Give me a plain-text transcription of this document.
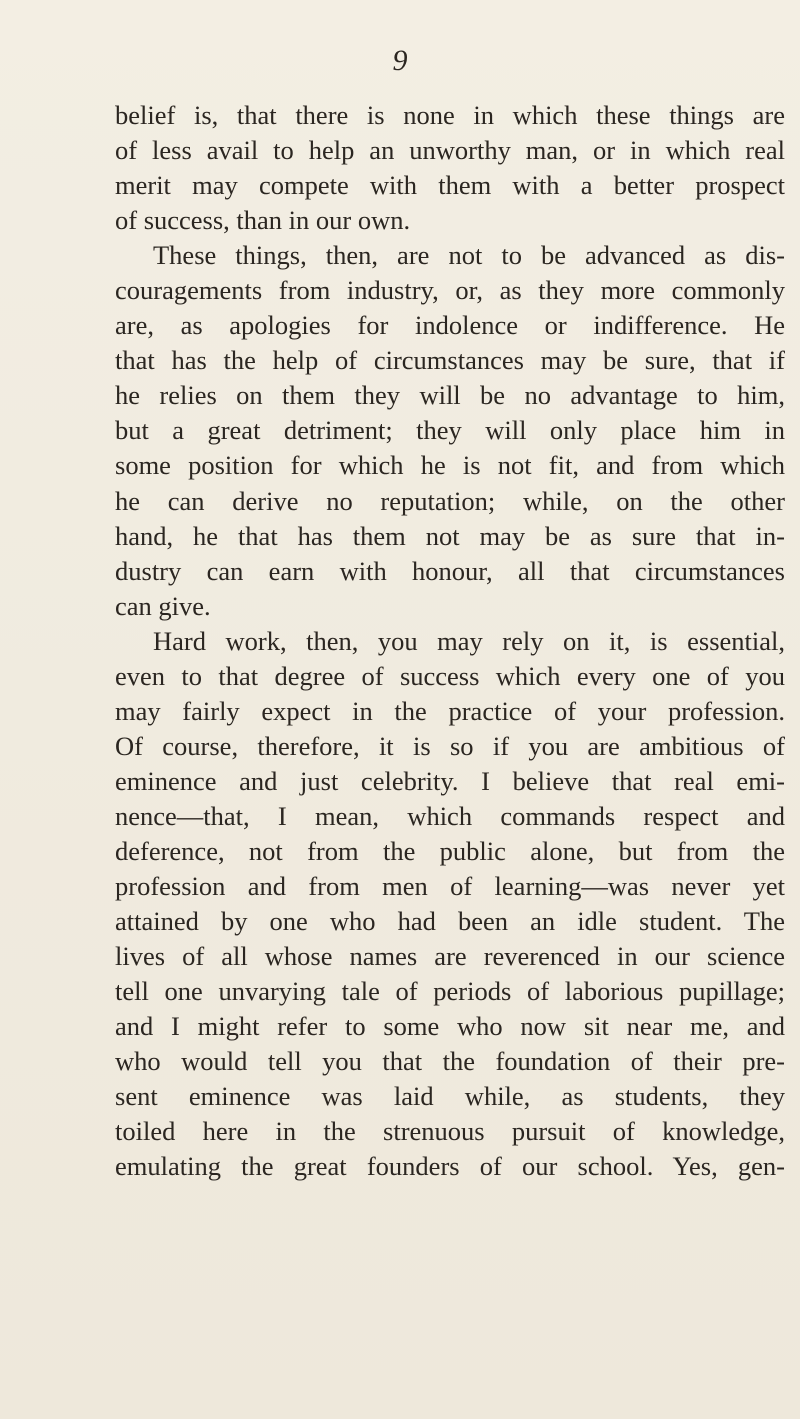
9
belief is, that there is none in which these things are
of less avail to help an unworthy man, or in which real
merit may compete with them with a better prospect
of success, than in our own.
These things, then, are not to be advanced as dis-
couragements from industry, or, as they more commonly
are, as apologies for indolence or indifference. He
that has the help of circumstances may be sure, that if
he relies on them they will be no advantage to him,
but a great detriment; they will only place him in
some position for which he is not fit, and from which
he can derive no reputation; while, on the other
hand, he that has them not may be as sure that in-
dustry can earn with honour, all that circumstances
can give.
Hard work, then, you may rely on it, is essential,
even to that degree of success which every one of you
may fairly expect in the practice of your profession.
Of course, therefore, it is so if you are ambitious of
eminence and just celebrity. I believe that real emi-
nence—that, I mean, which commands respect and
deference, not from the public alone, but from the
profession and from men of learning—was never yet
attained by one who had been an idle student. The
lives of all whose names are reverenced in our science
tell one unvarying tale of periods of laborious pupillage;
and I might refer to some who now sit near me, and
who would tell you that the foundation of their pre-
sent eminence was laid while, as students, they
toiled here in the strenuous pursuit of knowledge,
emulating the great founders of our school. Yes, gen-
